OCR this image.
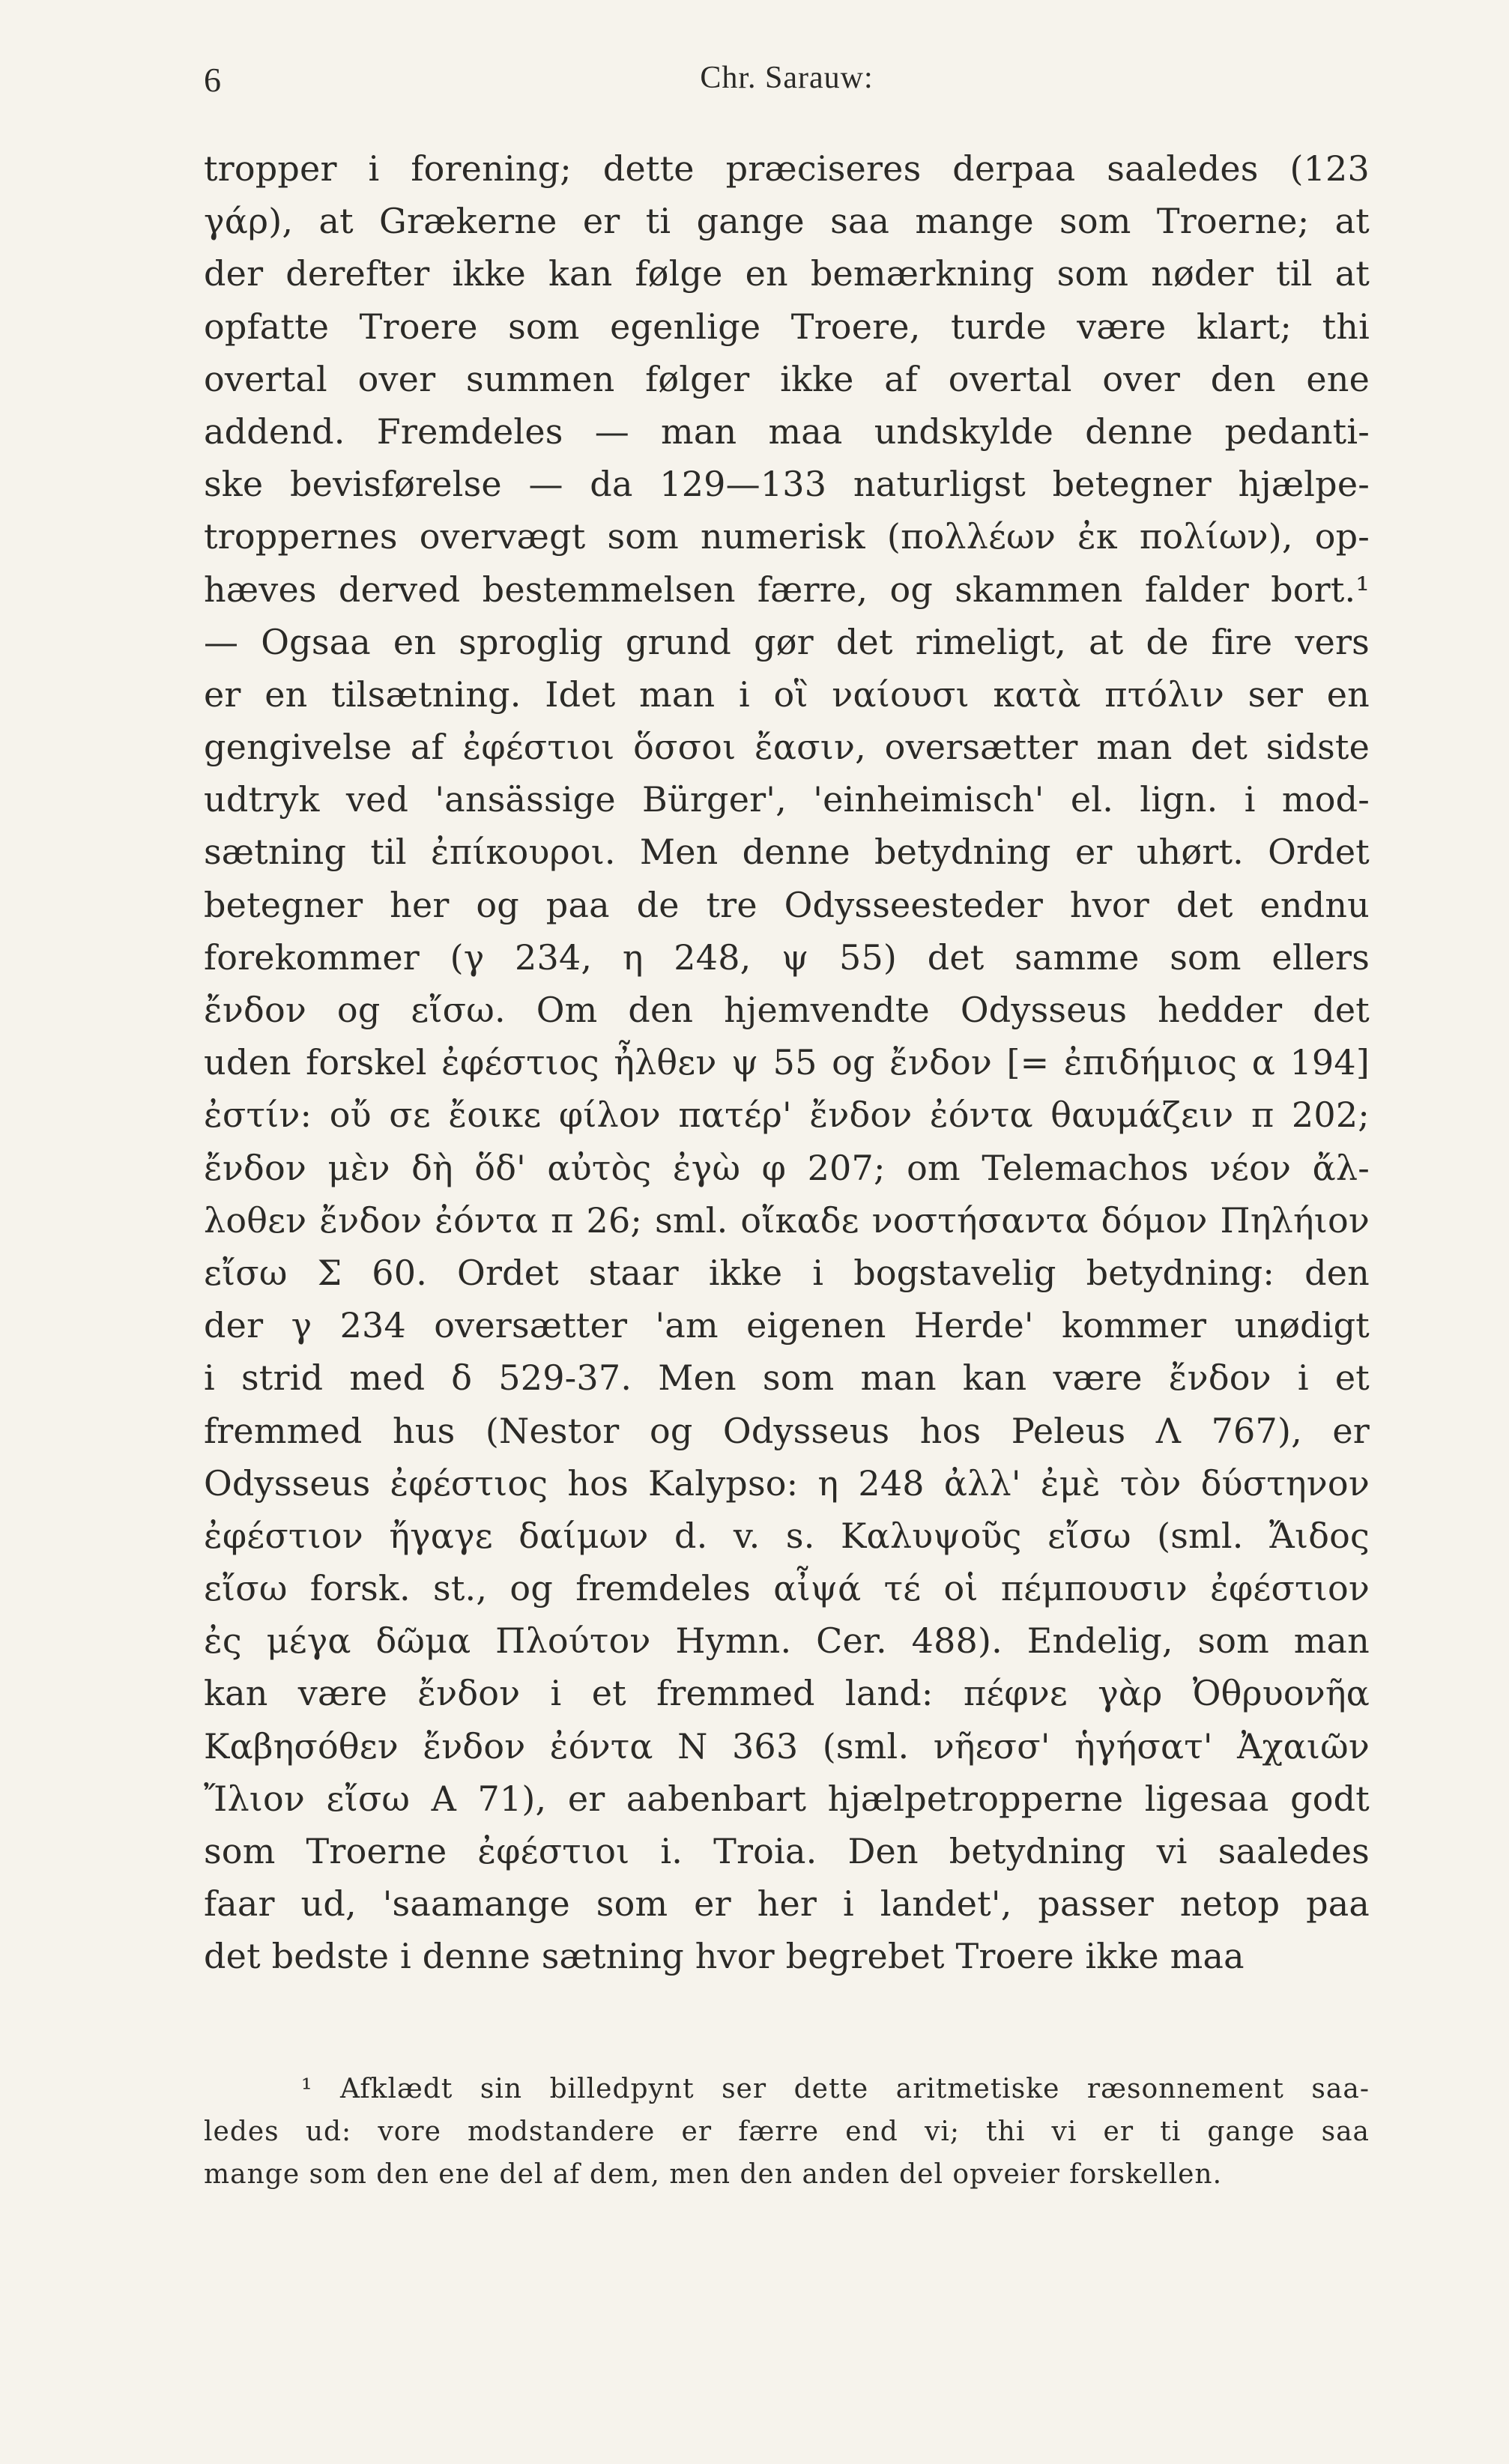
6	Chr. Sarauw:
tropper i forening; dette præciseres derpaa saaledes (123
γάρ), at Grækerne er ti gange saa mange som Troerne; at
der derefter ikke kan følge en bemærkning som nøder til at
opfatte Troere som egenlige Troere, turde være klart; thi
overtal over summen følger ikke af overtal over den ene
addend. Fremdeles — man maa undskylde denne pedanti-
ske bevisførelse — da 129—133 naturligst betegner hjælpe-
troppernes overvægt som numerisk (πολλέων ἐκ πολίων), op-
hæves derved bestemmelsen færre, og skammen falder bort.¹
— Ogsaa en sproglig grund gør det rimeligt, at de fire vers
er en tilsætning. Idet man i οἳ ναίουσι κατὰ πτόλιν ser en
gengivelse af ἐφέστιοι ὅσσοι ἔασιν, oversætter man det sidste
udtryk ved 'ansässige Bürger', 'einheimisch' el. lign. i mod-
sætning til ἐπίκουροι. Men denne betydning er uhørt. Ordet
betegner her og paa de tre Odysseesteder hvor det endnu
forekommer (γ 234, η 248, ψ 55) det samme som ellers
ἔνδον og εἴσω. Om den hjemvendte Odysseus hedder det
uden forskel ἐφέστιος ἦλθεν ψ 55 og ἔνδον [= ἐπιδήμιος α 194]
ἐστίν: οὔ σε ἔοικε φίλον πατέρ' ἔνδον ἐόντα θαυμάζειν π 202;
ἔνδον μὲν δὴ ὅδ' αὐτὸς ἐγὼ φ 207; om Telemachos νέον ἄλ-
λοθεν ἔνδον ἐόντα π 26; sml. οἴκαδε νοστήσαντα δόμον Πηλήιον
εἴσω Σ 60. Ordet staar ikke i bogstavelig betydning: den
der γ 234 oversætter 'am eigenen Herde' kommer unødigt
i strid med δ 529-37. Men som man kan være ἔνδον i et
fremmed hus (Nestor og Odysseus hos Peleus Λ 767), er
Odysseus ἐφέστιος hos Kalypso: η 248 ἀλλ' ἐμὲ τὸν δύστηνον
ἐφέστιον ἤγαγε δαίμων d. v. s. Καλυψοῦς εἴσω (sml. Ἄιδος
εἴσω forsk. st., og fremdeles αἶψά τέ οἱ πέμπουσιν ἐφέστιον
ἐς μέγα δῶμα Πλούτον Hymn. Cer. 488). Endelig, som man
kan være ἔνδον i et fremmed land: πέφνε γὰρ Ὀθρυονῆα
Καβησόθεν ἔνδον ἐόντα Ν 363 (sml. νῆεσσ' ἡγήσατ' Ἀχαιῶν
Ἴλιον εἴσω Α 71), er aabenbart hjælpetropperne ligesaa godt
som Troerne ἐφέστιοι i. Troia. Den betydning vi saaledes
faar ud, 'saamange som er her i landet', passer netop paa
det bedste i denne sætning hvor begrebet Troere ikke maa
¹ Afklædt sin billedpynt ser dette aritmetiske ræsonnement saa-
ledes ud: vore modstandere er færre end vi; thi vi er ti gange saa
mange som den ene del af dem, men den anden del opveier forskellen.
